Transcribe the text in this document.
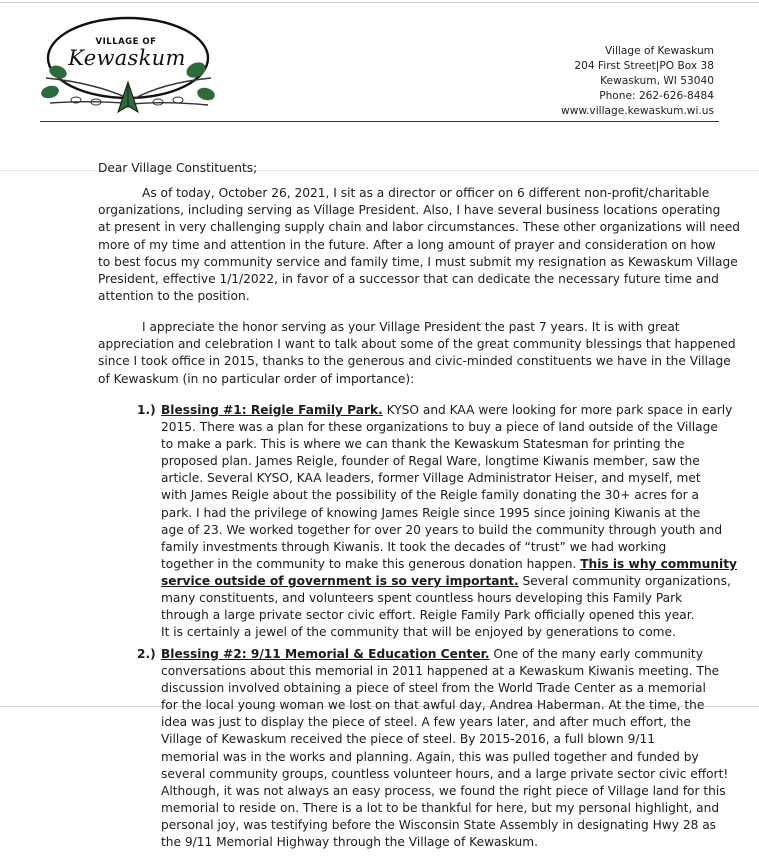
VILLAGE OF
Kewaskum	Village of Kewaskum
204 First Street|PO Box 38
Kewaskum, WI 53040
Phone: 262-626-8484
www.village.kewaskum.wi.us
Dear Village Constituents;
As of today, October 26, 2021, I sit as a director or officer on 6 different non-profit/charitable
organizations, including serving as Village President. Also, I have several business locations operating
at present in very challenging supply chain and labor circumstances. These other organizations will need
more of my time and attention in the future. After a long amount of prayer and consideration on how
to best focus my community service and family time, I must submit my resignation as Kewaskum Village
President, effective 1/1/2022, in favor of a successor that can dedicate the necessary future time and
attention to the position.
I appreciate the honor serving as your Village President the past 7 years. It is with great
appreciation and celebration I want to talk about some of the great community blessings that happened
since I took office in 2015, thanks to the generous and civic-minded constituents we have in the Village
of Kewaskum (in no particular order of importance):
1.) Blessing #1: Reigle Family Park. KYSO and KAA were looking for more park space in early
2015. There was a plan for these organizations to buy a piece of land outside of the Village
to make a park. This is where we can thank the Kewaskum Statesman for printing the
proposed plan. James Reigle, founder of Regal Ware, longtime Kiwanis member, saw the
article. Several KYSO, KAA leaders, former Village Administrator Heiser, and myself, met
with James Reigle about the possibility of the Reigle family donating the 30+ acres for a
park. I had the privilege of knowing James Reigle since 1995 since joining Kiwanis at the
age of 23. We worked together for over 20 years to build the community through youth and
family investments through Kiwanis. It took the decades of “trust” we had working
together in the community to make this generous donation happen. This is why community
service outside of government is so very important. Several community organizations,
many constituents, and volunteers spent countless hours developing this Family Park
through a large private sector civic effort. Reigle Family Park officially opened this year.
It is certainly a jewel of the community that will be enjoyed by generations to come.
2.) Blessing #2: 9/11 Memorial & Education Center. One of the many early community
conversations about this memorial in 2011 happened at a Kewaskum Kiwanis meeting. The
discussion involved obtaining a piece of steel from the World Trade Center as a memorial
for the local young woman we lost on that awful day, Andrea Haberman. At the time, the
idea was just to display the piece of steel. A few years later, and after much effort, the
Village of Kewaskum received the piece of steel. By 2015-2016, a full blown 9/11
memorial was in the works and planning. Again, this was pulled together and funded by
several community groups, countless volunteer hours, and a large private sector civic effort!
Although, it was not always an easy process, we found the right piece of Village land for this
memorial to reside on. There is a lot to be thankful for here, but my personal highlight, and
personal joy, was testifying before the Wisconsin State Assembly in designating Hwy 28 as
the 9/11 Memorial Highway through the Village of Kewaskum.
